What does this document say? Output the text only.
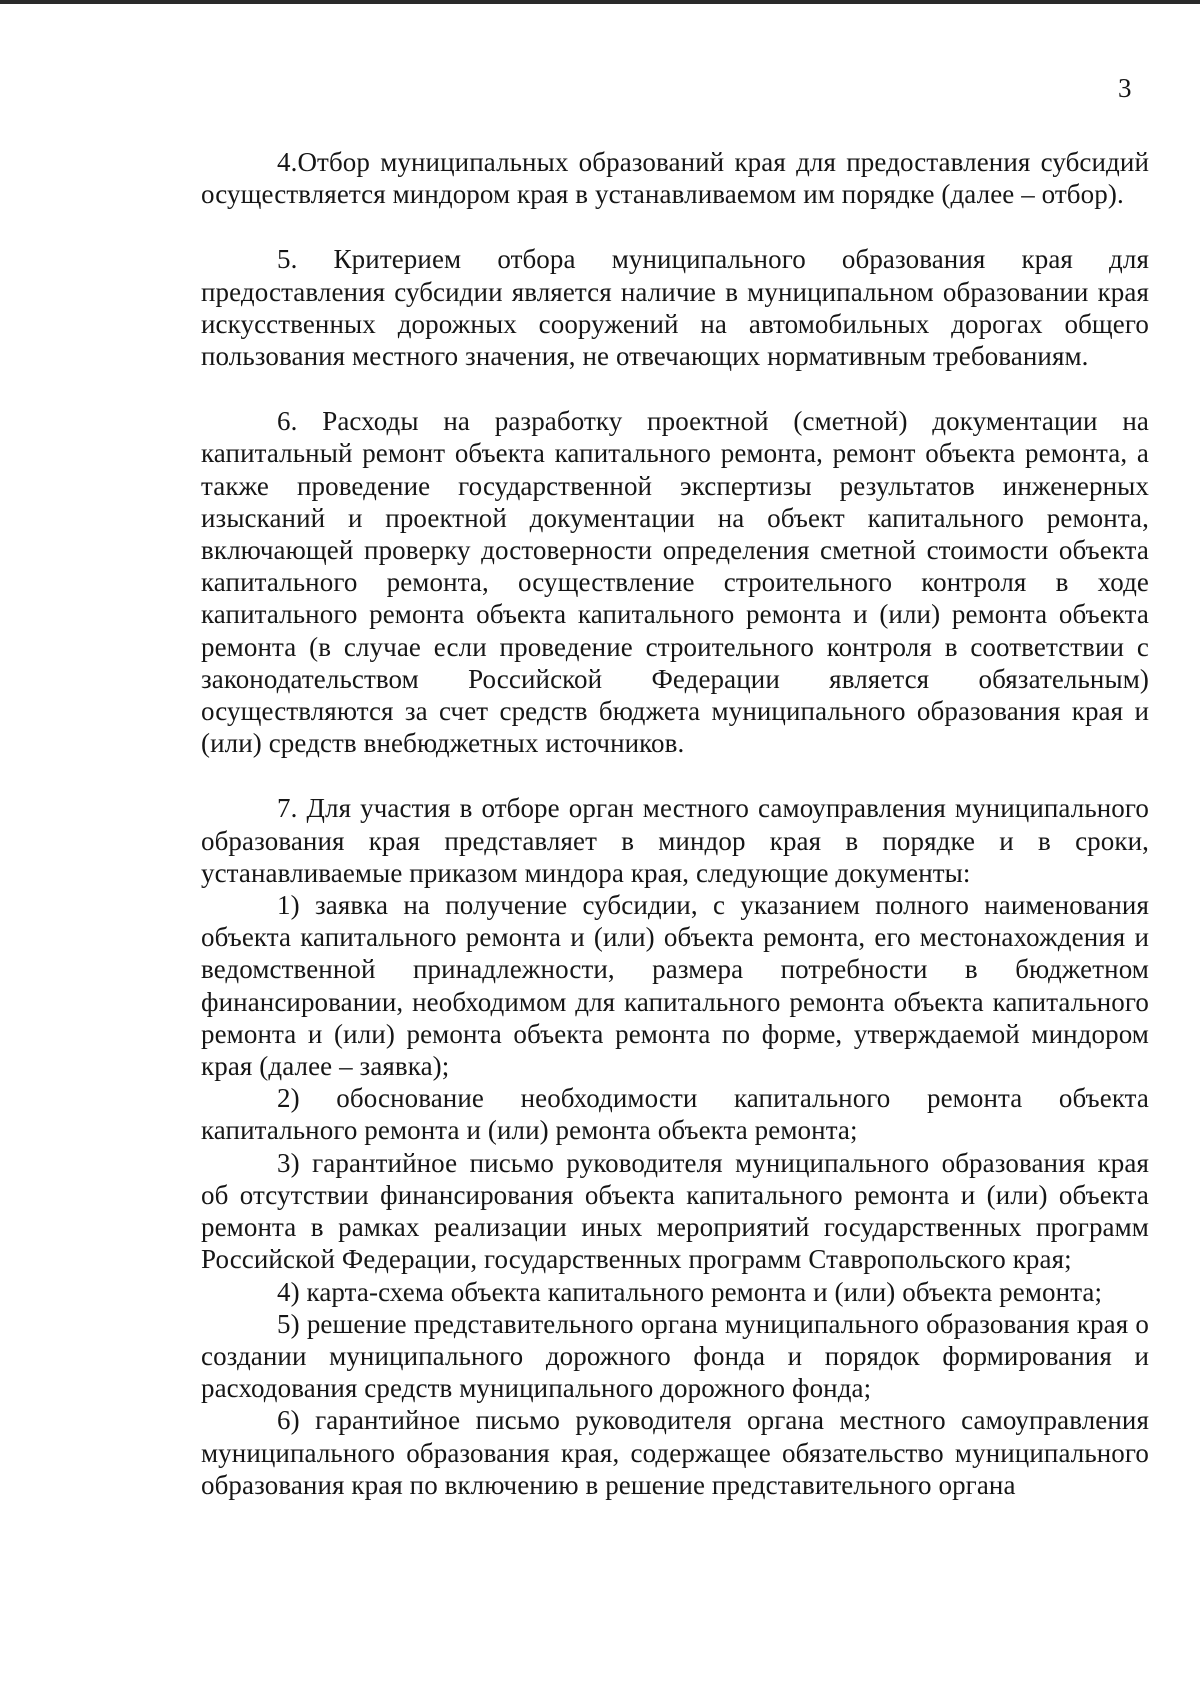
3

4.Отбор муниципальных образований края для предоставления субсидий осуществляется миндором края в устанавливаемом им порядке (далее – отбор).

5. Критерием отбора муниципального образования края для предоставления субсидии является наличие в муниципальном образовании края искусственных дорожных сооружений на автомобильных дорогах общего пользования местного значения, не отвечающих нормативным требованиям.

6. Расходы на разработку проектной (сметной) документации на капитальный ремонт объекта капитального ремонта, ремонт объекта ремонта, а также проведение государственной экспертизы результатов инженерных изысканий и проектной документации на объект капитального ремонта, включающей проверку достоверности определения сметной стоимости объекта капитального ремонта, осуществление строительного контроля в ходе капитального ремонта объекта капитального ремонта и (или) ремонта объекта ремонта (в случае если проведение строительного контроля в соответствии с законодательством Российской Федерации является обязательным) осуществляются за счет средств бюджета муниципального образования края и (или) средств внебюджетных источников.

7. Для участия в отборе орган местного самоуправления муниципального образования края представляет в миндор края в порядке и в сроки, устанавливаемые приказом миндора края, следующие документы:

1) заявка на получение субсидии, с указанием полного наименования объекта капитального ремонта и (или) объекта ремонта, его местонахождения и ведомственной принадлежности, размера потребности в бюджетном финансировании, необходимом для капитального ремонта объекта капитального ремонта и (или) ремонта объекта ремонта по форме, утверждаемой миндором края (далее – заявка);

2) обоснование необходимости капитального ремонта объекта капитального ремонта и (или) ремонта объекта ремонта;

3) гарантийное письмо руководителя муниципального образования края об отсутствии финансирования объекта капитального ремонта и (или) объекта ремонта в рамках реализации иных мероприятий государственных программ Российской Федерации, государственных программ Ставропольского края;

4) карта-схема объекта капитального ремонта и (или) объекта ремонта;

5) решение представительного органа муниципального образования края о создании муниципального дорожного фонда и порядок формирования и расходования средств муниципального дорожного фонда;

6) гарантийное письмо руководителя органа местного самоуправления муниципального образования края, содержащее обязательство муниципального образования края по включению в решение представительного органа
